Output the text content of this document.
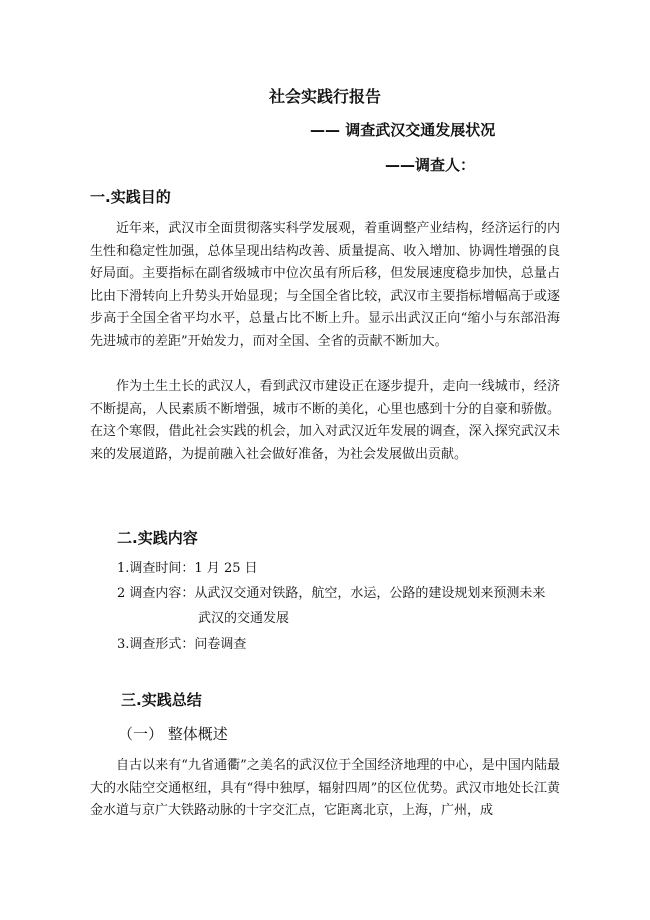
社会实践行报告
—— 调查武汉交通发展状况
——调查人：
一.实践目的

近年来，武汉市全面贯彻落实科学发展观，着重调整产业结构，经济运行的内生性和稳定性加强，总体呈现出结构改善、质量提高、收入增加、协调性增强的良好局面。主要指标在副省级城市中位次虽有所后移，但发展速度稳步加快，总量占比由下滑转向上升势头开始显现；与全国全省比较，武汉市主要指标增幅高于或逐步高于全国全省平均水平，总量占比不断上升。显示出武汉正向“缩小与东部沿海先进城市的差距”开始发力，而对全国、全省的贡献不断加大。

作为土生土长的武汉人，看到武汉市建设正在逐步提升，走向一线城市，经济不断提高，人民素质不断增强，城市不断的美化，心里也感到十分的自豪和骄傲。在这个寒假，借此社会实践的机会，加入对武汉近年发展的调查，深入探究武汉未来的发展道路，为提前融入社会做好准备，为社会发展做出贡献。

二.实践内容
1.调查时间：1 月 25 日
2 调查内容：从武汉交通对铁路，航空，水运，公路的建设规划来预测未来
武汉的交通发展
3.调查形式：问卷调查
三.实践总结
（一） 整体概述

自古以来有“九省通衢”之美名的武汉位于全国经济地理的中心，是中国内陆最大的水陆空交通枢纽，具有“得中独厚，辐射四周”的区位优势。武汉市地处长江黄金水道与京广大铁路动脉的十字交汇点，它距离北京，上海，广州，成
